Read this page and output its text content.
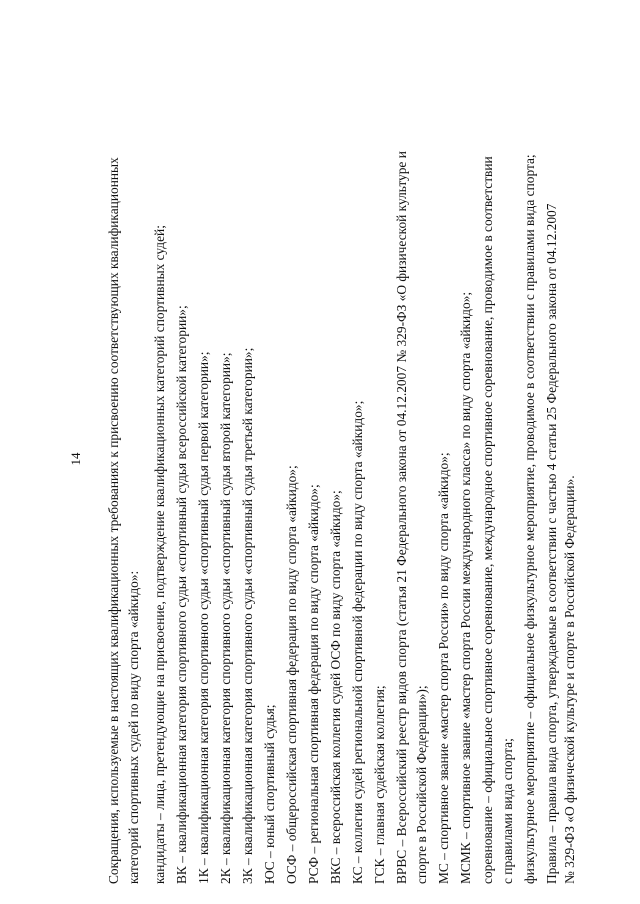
14 Сокращения, используемые в настоящих квалификационных требованиях к присвоению соответствующих квалификационных категорий спортивных судей по виду спорта «айкидо»: кандидаты – лица, претендующие на присвоение, подтверждение квалификационных категорий спортивных судей; ВК – квалификационная категория спортивного судьи «спортивный судья всероссийской категории»; 1К – квалификационная категория спортивного судьи «спортивный судья первой категории»; 2К – квалификационная категория спортивного судьи «спортивный судья второй категории»; 3К – квалификационная категория спортивного судьи «спортивный судья третьей категории»; ЮС – юный спортивный судья; ОСФ – общероссийская спортивная федерация по виду спорта «айкидо»; РСФ – региональная спортивная федерация по виду спорта «айкидо»; ВКС – всероссийская коллегия судей ОСФ по виду спорта «айкидо»; КС – коллегия судей региональной спортивной федерации по виду спорта «айкидо»; ГСК – главная судейская коллегия; ВРВС – Всероссийский реестр видов спорта (статья 21 Федерального закона от 04.12.2007 № 329-ФЗ «О физической культуре и спорте в Российской Федерации»); МС – спортивное звание «мастер спорта России» по виду спорта «айкидо»; МСМК – спортивное звание «мастер спорта России международного класса» по виду спорта «айкидо»; соревнование – официальное спортивное соревнование, международное спортивное соревнование, проводимое в соответствии с правилами вида спорта; физкультурное мероприятие – официальное физкультурное мероприятие, проводимое в соответствии с правилами вида спорта; Правила – правила вида спорта, утверждаемые в соответствии с частью 4 статьи 25 Федерального закона от 04.12.2007 № 329-ФЗ «О физической культуре и спорте в Российской Федерации».
